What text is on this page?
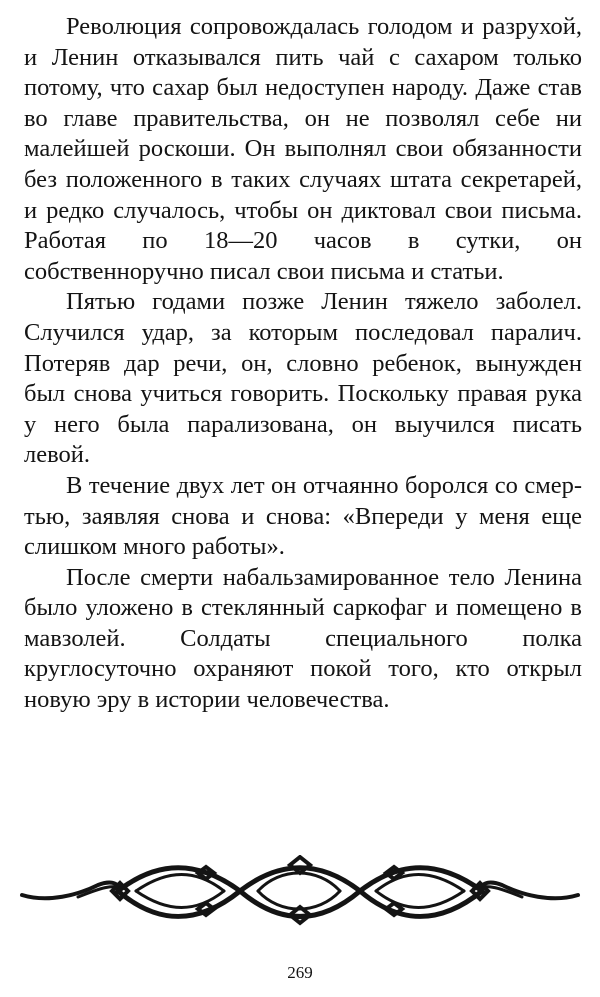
Революция сопровождалась голодом и разрухой, и Ленин отказывался пить чай с сахаром только потому, что сахар был недоступен народу. Даже став во главе правительства, он не позволял себе ни малейшей роскоши. Он выполнял свои обязанности без положенного в таких случаях штата секретарей, и редко случалось, чтобы он диктовал свои письма. Работая по 18—20 часов в сутки, он собственноручно писал свои письма и статьи.

Пятью годами позже Ленин тяжело заболел. Случился удар, за которым последовал паралич. Потеряв дар речи, он, словно ребенок, вынужден был снова учиться говорить. Поскольку правая рука у него была парализована, он выучился писать левой.

В течение двух лет он отчаянно боролся со смертью, заявляя снова и снова: «Впереди у меня еще слишком много работы».

После смерти набальзамированное тело Ленина было уложено в стеклянный саркофаг и помещено в мавзолей. Солдаты специального полка круглосуточно охраняют покой того, кто открыл новую эру в истории человечества.

269
